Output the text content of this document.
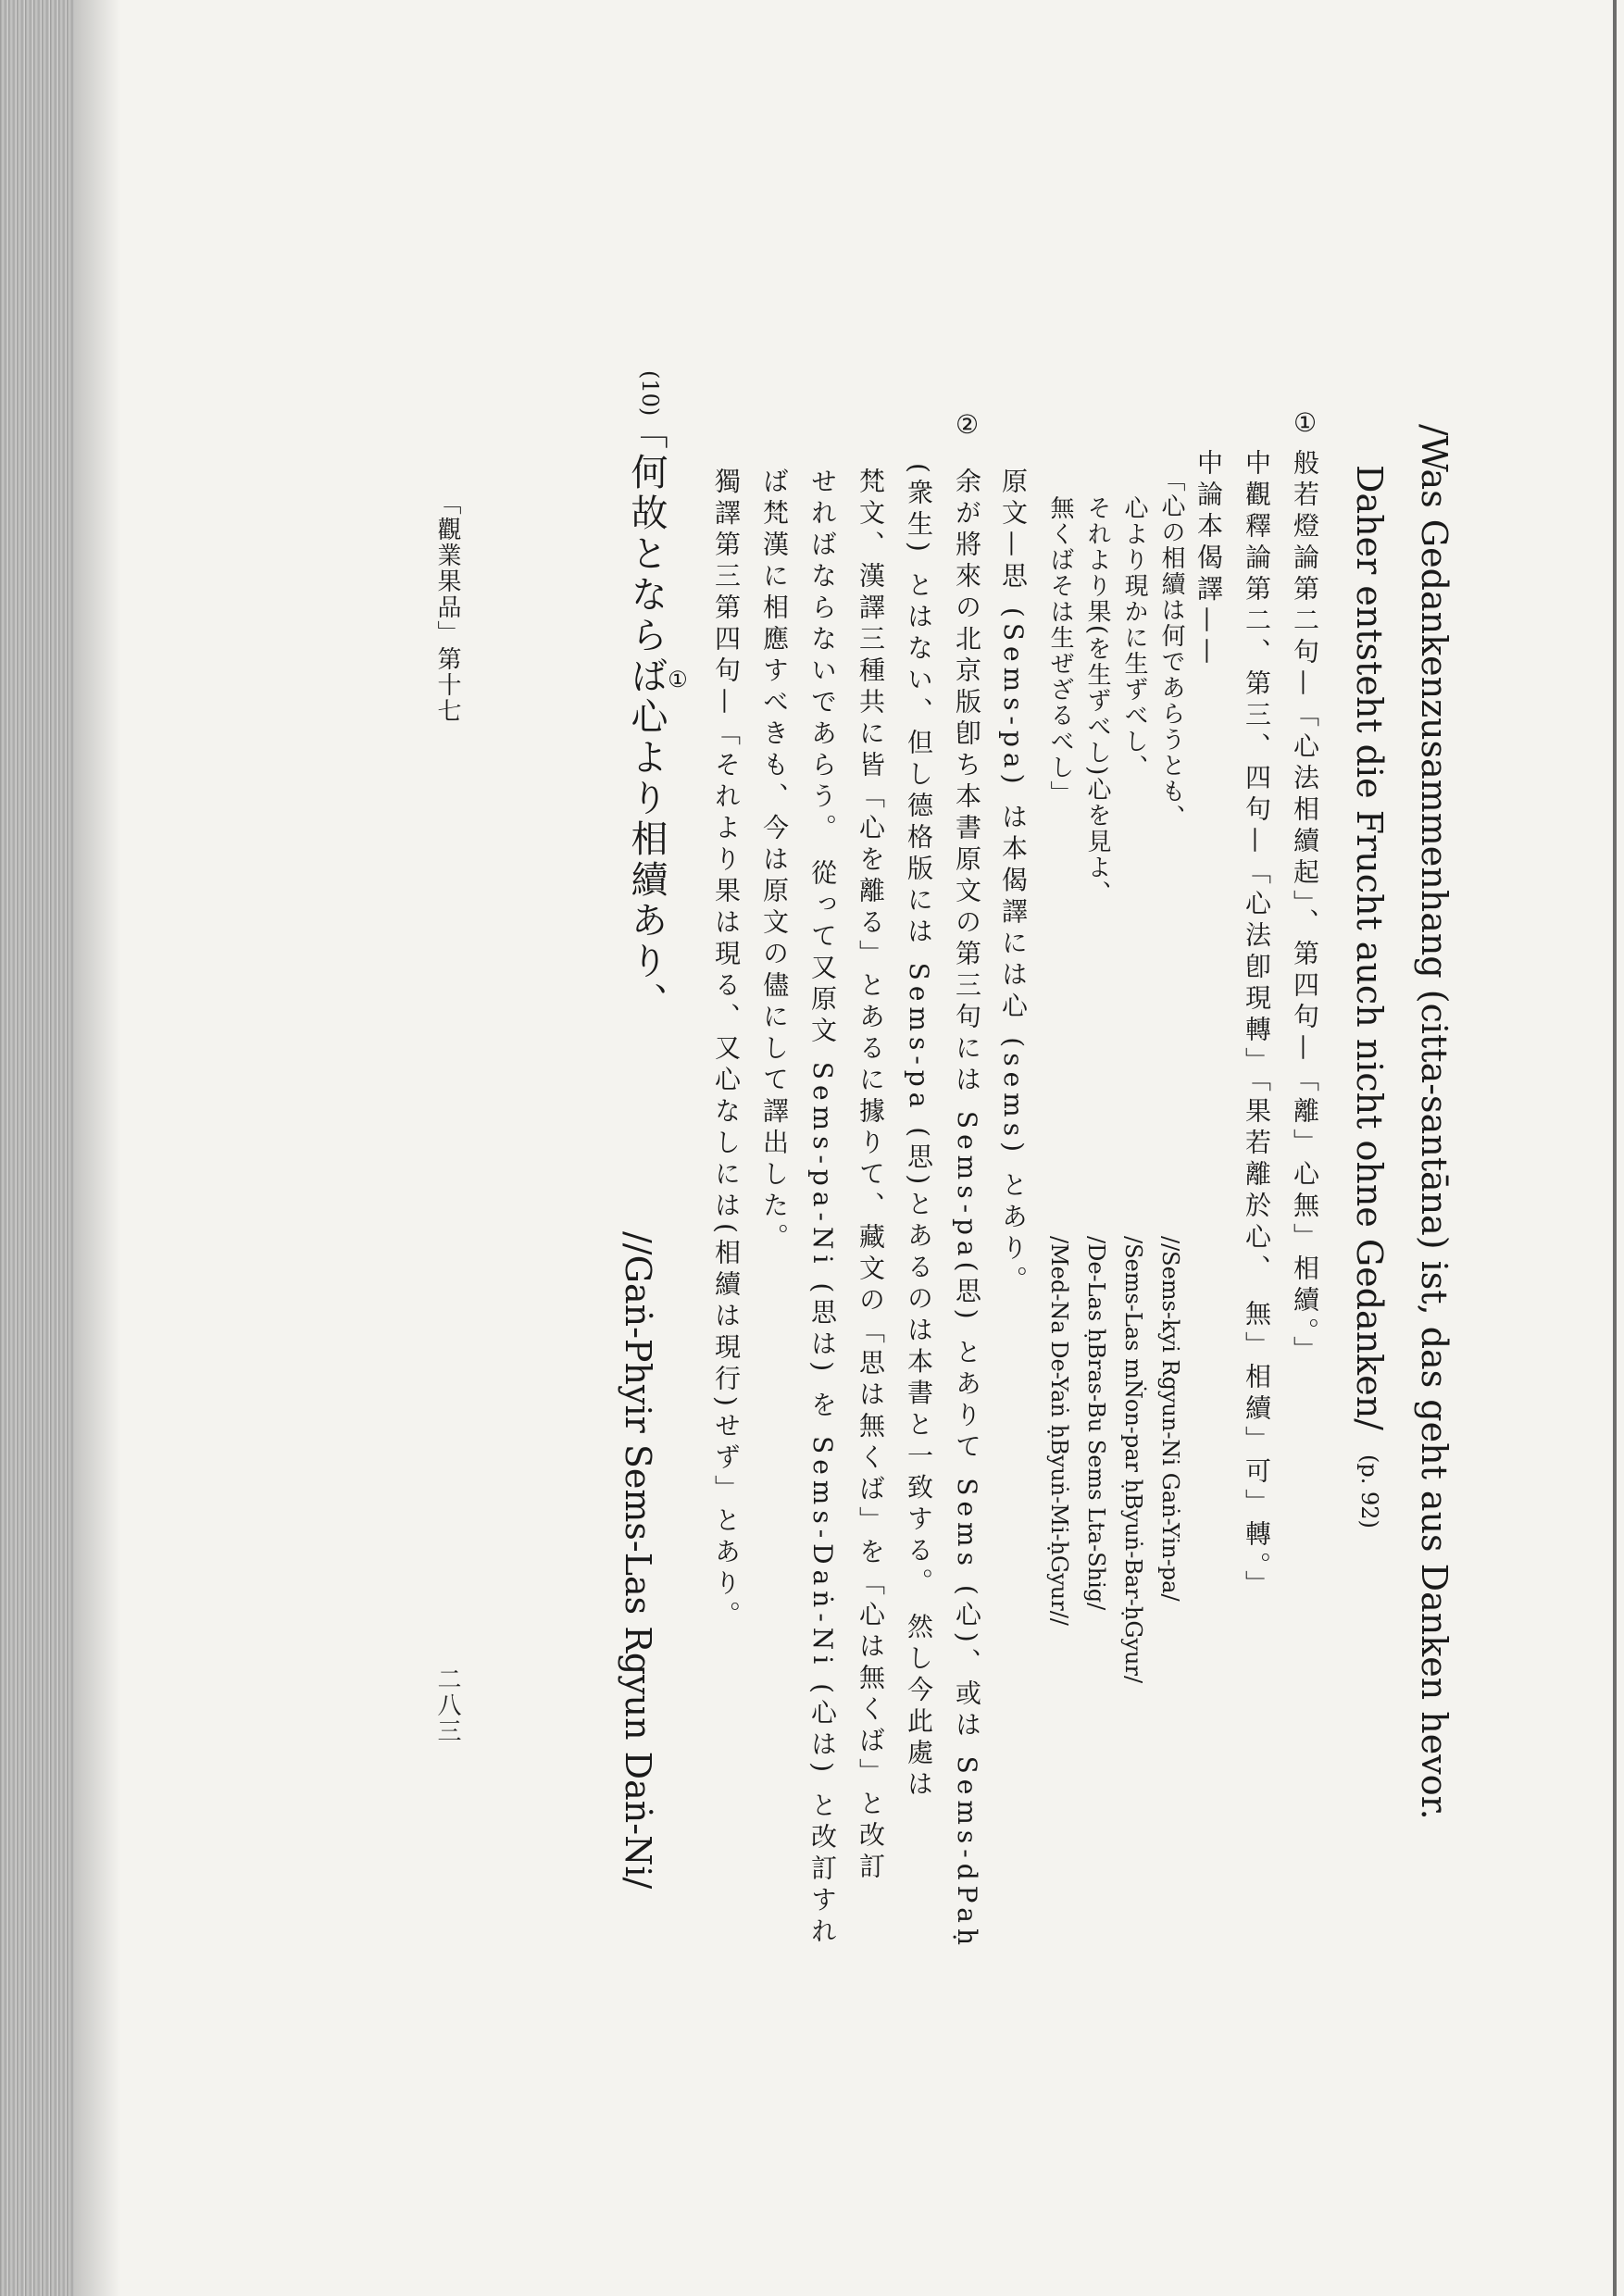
/Was Gedankenzusammenhang (citta-santāna) ist, das geht aus Danken hevor.
Daher entsteht die Frucht auch nicht ohne Gedanken/ (p. 92)
①
般若燈論第二句—「心法相續起」、第四句—「離」心無」相續。」
中觀釋論第二、第三、四句—「心法卽現轉」「果若離於心、 無」相續」可」轉。」
中論本偈譯——
//Sems-kyi Rgyun-Ni Gaṅ-Yin-pa/
/Sems-Las mṄon-par ḥByuṅ-Bar-ḥGyur/
/De-Las ḥBras-Bu Sems Lta-Shig/
/Med-Na De-Yaṅ ḥByuṅ-Mi-ḥGyur//
「心の相續は何であらうとも、
心より現かに生ずべし、
それより果(を生ずべし)心を見よ、
無くばそは生ぜざるべし」
原文—思 (Sems-pa) は本偈譯には心 (sems) とあり。
②
余が將來の北京版卽ち本書原文の第三句には Sems-pa(思) とありて Sems (心)、或は Sems-dPaḥ
(衆生) とはない、但し德格版には Sems-pa (思)とあるのは本書と一致する。 然し今此處は
梵文、漢譯三種共に皆「心を離る」とあるに據りて、藏文の「思は無くば」を「心は無くば」と改訂
せればならないであらう。 從って又原文 Sems-pa-Ni (思は) を Sems-Daṅ-Ni (心は) と改訂すれ
ば梵漢に相應すべきも、今は原文の儘にして譯出した。
獨譯第三第四句—「それより果は現る、又心なしには(相續は現行)せず」とあり。
(10)
「何故とならば心より相續あり、
①
//Gaṅ-Phyir Sems-Las Rgyun Daṅ-Ni/
「觀業果品」第十七
二八三
